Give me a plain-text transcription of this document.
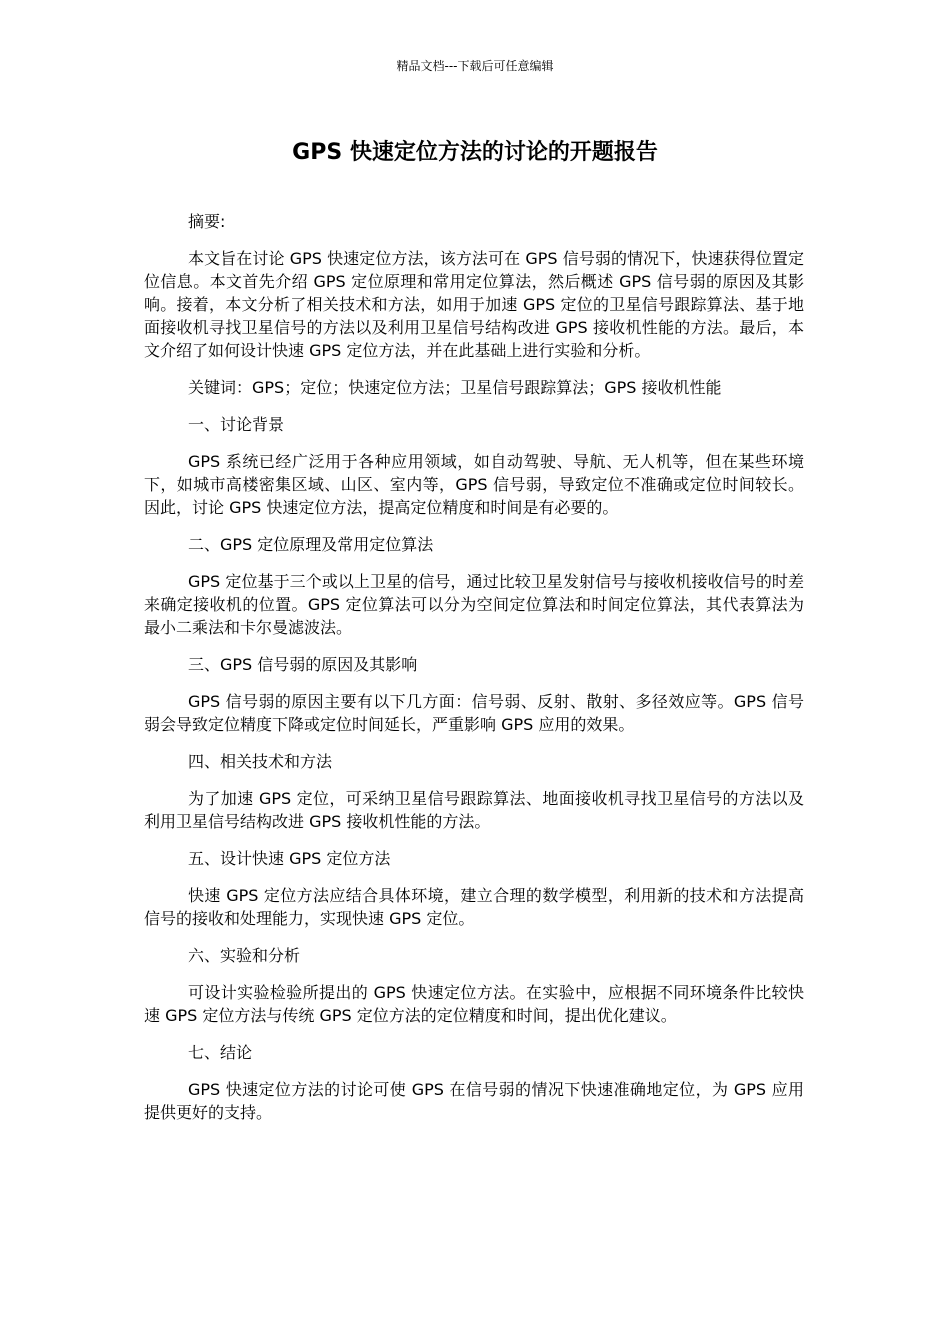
精品文档---下载后可任意编辑
GPS 快速定位方法的讨论的开题报告

摘要:

本文旨在讨论 GPS 快速定位方法，该方法可在 GPS 信号弱的情况下，快速获得位置定位信息。本文首先介绍 GPS 定位原理和常用定位算法，然后概述 GPS 信号弱的原因及其影响。接着，本文分析了相关技术和方法，如用于加速 GPS 定位的卫星信号跟踪算法、基于地面接收机寻找卫星信号的方法以及利用卫星信号结构改进 GPS 接收机性能的方法。最后，本文介绍了如何设计快速 GPS 定位方法，并在此基础上进行实验和分析。

关键词：GPS；定位；快速定位方法；卫星信号跟踪算法；GPS 接收机性能

一、讨论背景

GPS 系统已经广泛用于各种应用领域，如自动驾驶、导航、无人机等，但在某些环境下，如城市高楼密集区域、山区、室内等，GPS 信号弱，导致定位不准确或定位时间较长。因此，讨论 GPS 快速定位方法，提高定位精度和时间是有必要的。

二、GPS 定位原理及常用定位算法

GPS 定位基于三个或以上卫星的信号，通过比较卫星发射信号与接收机接收信号的时差来确定接收机的位置。GPS 定位算法可以分为空间定位算法和时间定位算法，其代表算法为最小二乘法和卡尔曼滤波法。

三、GPS 信号弱的原因及其影响

GPS 信号弱的原因主要有以下几方面：信号弱、反射、散射、多径效应等。GPS 信号弱会导致定位精度下降或定位时间延长，严重影响 GPS 应用的效果。

四、相关技术和方法

为了加速 GPS 定位，可采纳卫星信号跟踪算法、地面接收机寻找卫星信号的方法以及利用卫星信号结构改进 GPS 接收机性能的方法。

五、设计快速 GPS 定位方法

快速 GPS 定位方法应结合具体环境，建立合理的数学模型，利用新的技术和方法提高信号的接收和处理能力，实现快速 GPS 定位。

六、实验和分析

可设计实验检验所提出的 GPS 快速定位方法。在实验中，应根据不同环境条件比较快速 GPS 定位方法与传统 GPS 定位方法的定位精度和时间，提出优化建议。

七、结论

GPS 快速定位方法的讨论可使 GPS 在信号弱的情况下快速准确地定位，为 GPS 应用提供更好的支持。
